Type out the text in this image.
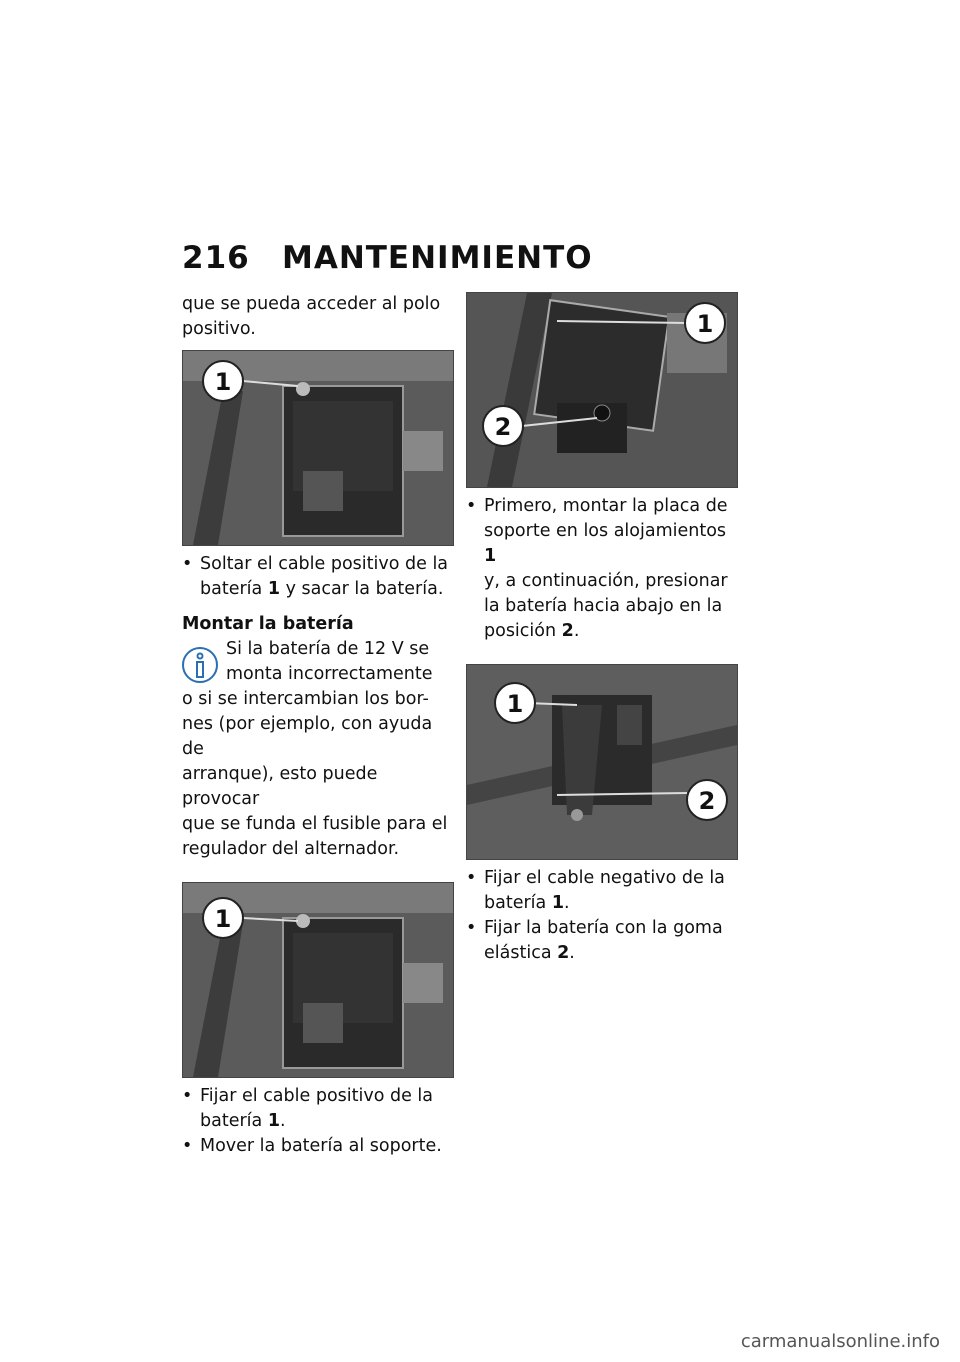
216 MANTENIMIENTO

que se pueda acceder al polo
positivo.

1

• Soltar el cable positivo de la
batería 1 y sacar la batería.

Montar la batería

Si la batería de 12 V se
monta incorrectamente

o si se intercambian los bor-
nes (por ejemplo, con ayuda de
arranque), esto puede provocar
que se funda el fusible para el
regulador del alternador.

1

• Fijar el cable positivo de la
batería 1.

• Mover la batería al soporte.

1
2

• Primero, montar la placa de
soporte en los alojamientos 1
y, a continuación, presionar
la batería hacia abajo en la
posición 2.

1
2

• Fijar el cable negativo de la
batería 1.

• Fijar la batería con la goma
elástica 2.

carmanualsonline.info
